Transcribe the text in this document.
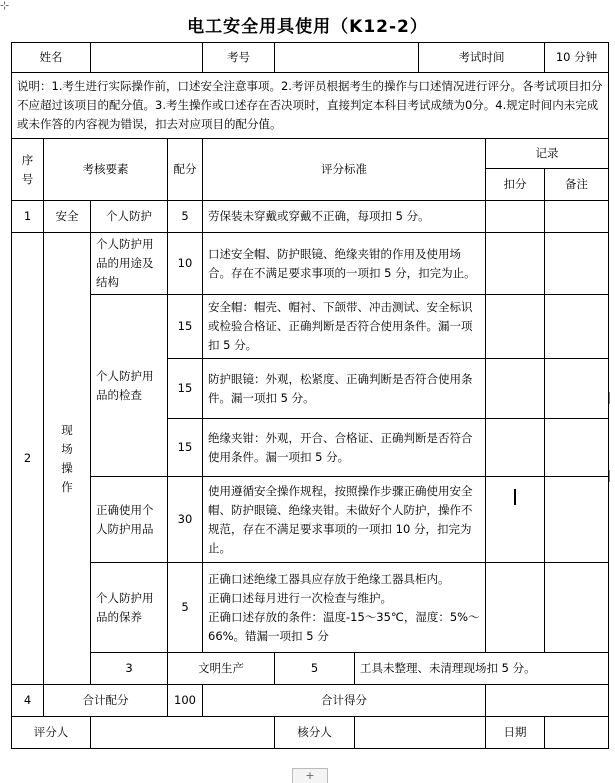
⊹
电工安全用具使用（K12-2）
姓名				考号			考试时间		10 分钟	
说明：1.考生进行实际操作前，口述安全注意事项。2.考评员根据考生的操作与口述情况进行评分。各考试项目扣分不应超过该项目的配分值。3.考生操作或口述存在否决项时，直接判定本科目考试成绩为0分。4.规定时间内未完成或未作答的内容视为错误，扣去对应项目的配分值。										
序号	考核要素		配分	评分标准				记录		
								扣分	备注	
1	安全	个人防护	5	劳保装未穿戴或穿戴不正确，每项扣 5 分。						
2	现
场
操
作	个人防护用品的用途及结构	10	口述安全帽、防护眼镜、绝缘夹钳的作用及使用场合。存在不满足要求事项的一项扣 5 分，扣完为止。						
		个人防护用品的检查	15	安全帽：帽壳、帽衬、下颌带、冲击测试、安全标识或检验合格证、正确判断是否符合使用条件。漏一项扣 5 分。						
			15	防护眼镜：外观，松紧度、正确判断是否符合使用条件。漏一项扣 5 分。						
			15	绝缘夹钳：外观，开合、合格证、正确判断是否符合使用条件。漏一项扣 5 分。						
		正确使用个人防护用品	30	使用遵循安全操作规程，按照操作步骤正确使用安全帽、防护眼镜、绝缘夹钳。未做好个人防护，操作不规范，存在不满足要求事项的一项扣 10 分，扣完为止。						
		个人防护用品的保养	5	正确口述绝缘工器具应存放于绝缘工器具柜内。
正确口述每月进行一次检查与维护。
正确口述存放的条件：温度-15～35℃，湿度：5%～66%。错漏一项扣 5 分						

		3	文明生产		5	工具未整理、未清理现场扣 5 分。				
4	合计配分		100	合计得分						
评分人					核分人			日期		
+
